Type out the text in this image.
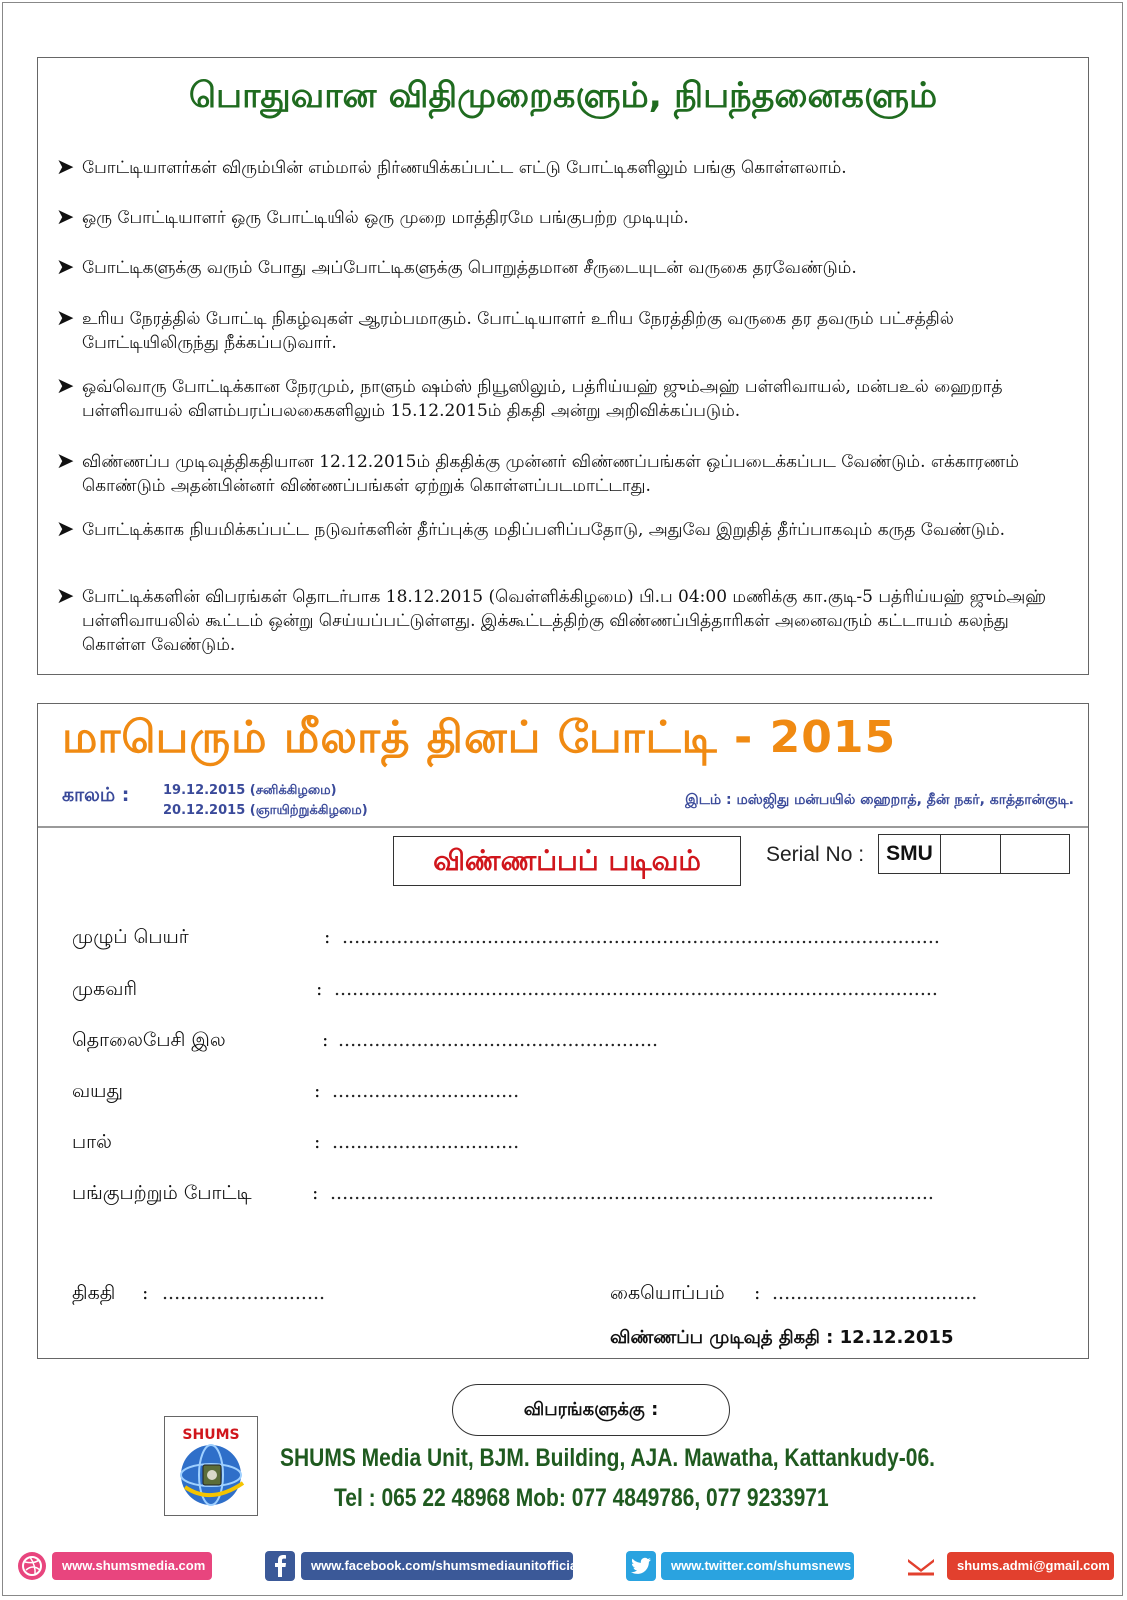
பொதுவான விதிமுறைகளும், நிபந்தனைகளும்
➤ போட்டியாளர்கள் விரும்பின் எம்மால் நிர்ணயிக்கப்பட்ட எட்டு போட்டிகளிலும் பங்கு கொள்ளலாம்.
➤ ஒரு போட்டியாளர் ஒரு போட்டியில் ஒரு முறை மாத்திரமே பங்குபற்ற முடியும்.
➤ போட்டிகளுக்கு வரும் போது அப்போட்டிகளுக்கு பொறுத்தமான சீருடையுடன் வருகை தரவேண்டும்.
➤ உரிய நேரத்தில் போட்டி நிகழ்வுகள் ஆரம்பமாகும். போட்டியாளர் உரிய நேரத்திற்கு வருகை தர தவரும் பட்சத்தில் போட்டியிலிருந்து நீக்கப்படுவார்.
➤ ஒவ்வொரு போட்டிக்கான நேரமும், நாளும் ஷம்ஸ் நியூஸிலும், பத்ரிய்யஹ் ஜும்அஹ் பள்ளிவாயல், மன்பஉல் ஹைறாத் பள்ளிவாயல் விளம்பரப்பலகைகளிலும் 15.12.2015ம் திகதி அன்று அறிவிக்கப்படும்.
➤ விண்ணப்ப முடிவுத்திகதியான 12.12.2015ம் திகதிக்கு முன்னர் விண்ணப்பங்கள் ஒப்படைக்கப்பட வேண்டும். எக்காரணம் கொண்டும் அதன்பின்னர் விண்ணப்பங்கள் ஏற்றுக் கொள்ளப்படமாட்டாது.
➤ போட்டிக்காக நியமிக்கப்பட்ட நடுவர்களின் தீர்ப்புக்கு மதிப்பளிப்பதோடு, அதுவே இறுதித் தீர்ப்பாகவும் கருத வேண்டும்.
➤ போட்டிக்களின் விபரங்கள் தொடர்பாக 18.12.2015 (வெள்ளிக்கிழமை) பி.ப 04:00 மணிக்கு கா.குடி-5 பத்ரிய்யஹ் ஜும்அஹ் பள்ளிவாயலில் கூட்டம் ஒன்று செய்யப்பட்டுள்ளது. இக்கூட்டத்திற்கு விண்ணப்பித்தாரிகள் அனைவரும் கட்டாயம் கலந்து கொள்ள வேண்டும்.
மாபெரும் மீலாத் தினப் போட்டி - 2015
காலம் :	19.12.2015 (சனிக்கிழமை)
20.12.2015 (ஞாயிற்றுக்கிழமை)
இடம் : மஸ்ஜிது மன்பயில் ஹைறாத், தீன் நகர், காத்தான்குடி.
விண்ணப்பப் படிவம்	Serial No :	SMU
முழுப் பெயர்	: ...................................................................................................
முகவரி	: ....................................................................................................
தொலைபேசி இல	: .....................................................
வயது	: ...............................
பால்	: ...............................
பங்குபற்றும் போட்டி	: ....................................................................................................
திகதி : ...........................	கையொப்பம் : ..................................
விண்ணப்ப முடிவுத் திகதி : 12.12.2015
விபரங்களுக்கு :
SHUMS
SHUMS Media Unit, BJM. Building, AJA. Mawatha, Kattankudy-06.
Tel : 065 22 48968 Mob: 077 4849786, 077 9233971
www.shumsmedia.com	www.facebook.com/shumsmediaunitofficial	www.twitter.com/shumsnews	shums.admi@gmail.com
